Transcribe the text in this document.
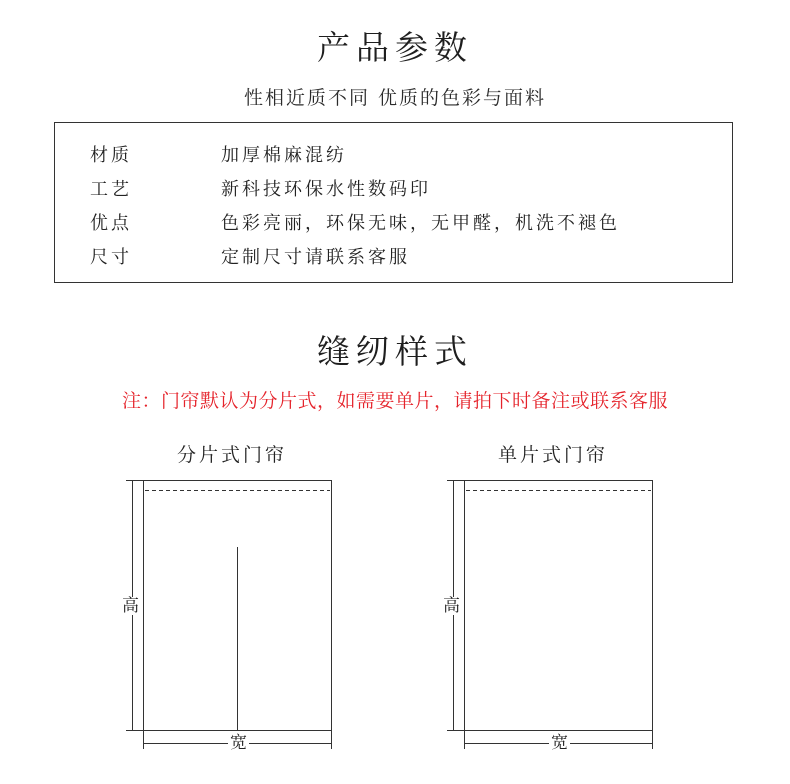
产品参数
性相近质不同 优质的色彩与面料
材质	加厚棉麻混纺
工艺	新科技环保水性数码印
优点	色彩亮丽，环保无味，无甲醛，机洗不褪色
尺寸	定制尺寸请联系客服
缝纫样式
注：门帘默认为分片式，如需要单片，请拍下时备注或联系客服
分片式门帘	单片式门帘
高
宽
高
宽
